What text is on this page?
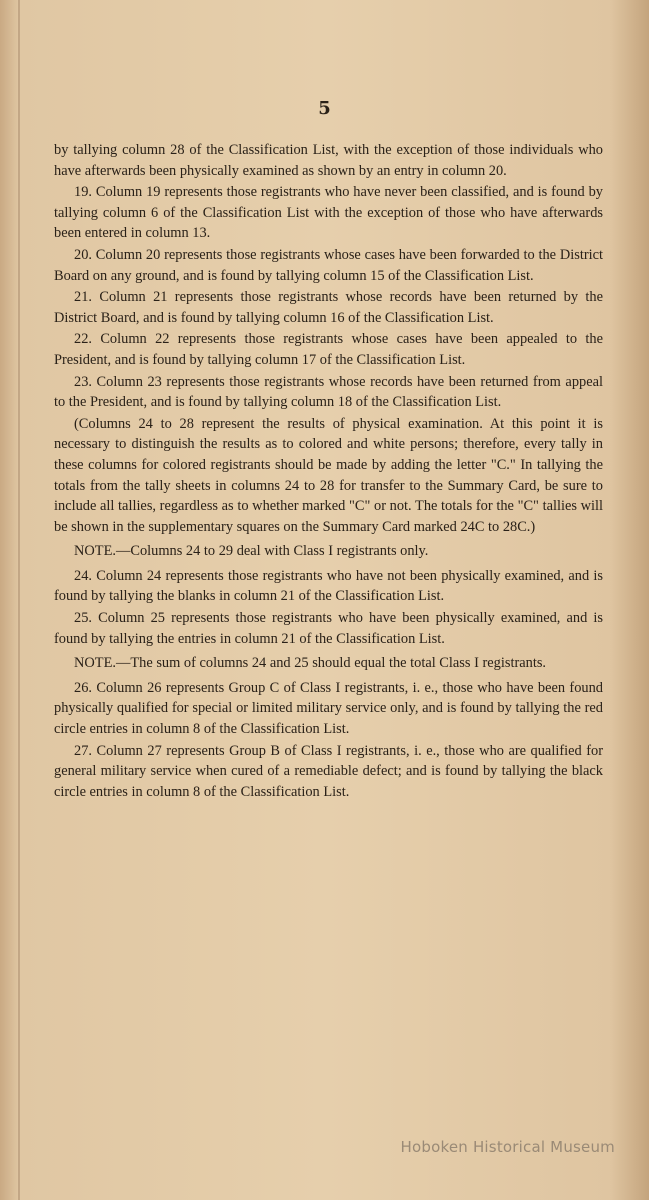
5

by tallying column 28 of the Classification List, with the exception of those individuals who have afterwards been physically examined as shown by an entry in column 20.

19. Column 19 represents those registrants who have never been classified, and is found by tallying column 6 of the Classification List with the exception of those who have afterwards been entered in column 13.

20. Column 20 represents those registrants whose cases have been forwarded to the District Board on any ground, and is found by tallying column 15 of the Classification List.

21. Column 21 represents those registrants whose records have been returned by the District Board, and is found by tallying column 16 of the Classification List.

22. Column 22 represents those registrants whose cases have been appealed to the President, and is found by tallying column 17 of the Classification List.

23. Column 23 represents those registrants whose records have been returned from appeal to the President, and is found by tallying column 18 of the Classification List.

(Columns 24 to 28 represent the results of physical examination. At this point it is necessary to distinguish the results as to colored and white persons; therefore, every tally in these columns for colored registrants should be made by adding the letter "C." In tallying the totals from the tally sheets in columns 24 to 28 for transfer to the Summary Card, be sure to include all tallies, regardless as to whether marked "C" or not. The totals for the "C" tallies will be shown in the supplementary squares on the Summary Card marked 24C to 28C.)

NOTE.—Columns 24 to 29 deal with Class I registrants only.

24. Column 24 represents those registrants who have not been physically examined, and is found by tallying the blanks in column 21 of the Classification List.

25. Column 25 represents those registrants who have been physically examined, and is found by tallying the entries in column 21 of the Classification List.

NOTE.—The sum of columns 24 and 25 should equal the total Class I registrants.

26. Column 26 represents Group C of Class I registrants, i. e., those who have been found physically qualified for special or limited military service only, and is found by tallying the red circle entries in column 8 of the Classification List.

27. Column 27 represents Group B of Class I registrants, i. e., those who are qualified for general military service when cured of a remediable defect; and is found by tallying the black circle entries in column 8 of the Classification List.

Hoboken Historical Museum
